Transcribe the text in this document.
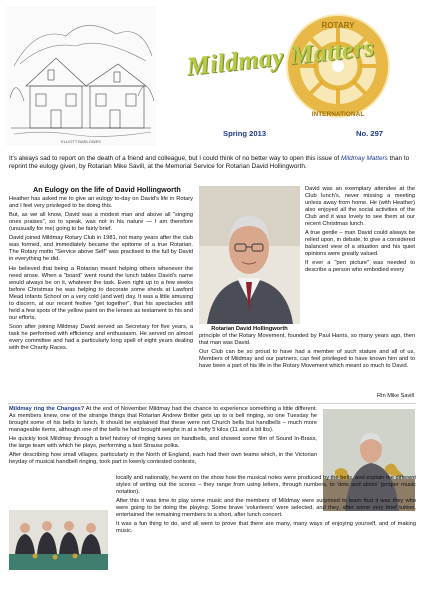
ELLIOTT BARLOWES
ROTARY
INTERNATIONAL
Mildmay Matters
Spring 2013	No. 297
It's always sad to report on the death of a friend and colleague, but I could think of no better way to open this issue of Mildmay Matters than to reprint the eulogy given, by Rotarian Mike Savill, at the Memorial Service for Rotarian David Hollingworth.
An Eulogy on the life of David Hollingworth

Heather has asked me to give an eulogy to-day on David's life in Rotary and I feel very privileged to be doing this.

But, as we all know, David was a modest man and above all "singing ones praises", so to speak, was not in his nature — I am therefore (unusually for me) going to be fairly brief.

David joined Mildmay Rotary Club in 1981, not many years after the club was formed, and immediately became the epitome of a true Rotarian. The Rotary motto "Service above Self" was practised to the full by David in everything he did.

He believed that being a Rotarian meant helping others whenever the need arose. When a "board" went round the lunch tables David's name would always be on it, whatever the task. Even right up to a few weeks before Christmas he was helping to decorate some sheds at Lawford Mead Infants School on a very cold (and wet) day. It was a little amusing to discern, at our recent festive "get together", that his spectacles still held a few spots of the yellow paint on the lenses as testament to his and our efforts.

Soon after joining Mildmay David served as Secretary for five years, a task he performed with efficiency and enthusiasm. He served on almost every committee and had a particularly long spell of eight years dealing with the Charity Races.

Rotarian David Hollingworth

David was an exemplary attendee at the Club lunch's, never missing a meeting unless away from home. He (with Heather) also enjoyed all the social activities of the Club and it was lovely to see them at our recent Christmas lunch.

A true gentle – man David could always be relied upon, in debate, to give a considered balanced view of a situation and his quiet opinions were greatly valued.

If ever a "pen picture" was needed to describe a person who embodied every

principle of the Rotary Movement, founded by Paul Harris, so many years ago, then that man was David.

Our Club can be so proud to have had a member of such stature and all of us, Members of Mildmay and our partners, can feel privileged to have known him and to have been a part of his life in the Rotary Movement which meant so much to David.

Rtn Mike Savill

Mildmay ring the Changes? At the end of November Mildmay had the chance to experience something a little different. As members knew, one of the strange things that Rotarian Andrew Britter gets up to is bell ringing, so one Tuesday he brought some of his bells to lunch. It should be explained that these were not Church bells but handbells – much more manageable items, although one of the bells he had brought weighs in at a hefty 5 kilos (11 and a bit lbs).

He quickly took Mildmay through a brief history of ringing tunes on handbells, and showed some film of Sound In-Brass, the large team with which he plays, performing a fast Strauss polka.

After describing how small villages, particularly in the North of England, each had their own teams which, in the Victorian heyday of musical handbell ringing, took part in keenly contested contests,

locally and nationally, he went on the show how the musical notes were produced by the bells, and explain the different styles of writing out the scores – they range from using letters, through numbers, to 'dots and sticks' (proper music notation).

After this it was time to play some music and the members of Mildmay were surprised to learn that it was they who were going to be doing the playing. Some brave 'volunteers' were selected, and they, after some very brief tuition, entertained the remaining members to a short, after lunch concert.

It was a fun thing to do, and all went to prove that there are many, many ways of enjoying yourself, and of making music.
